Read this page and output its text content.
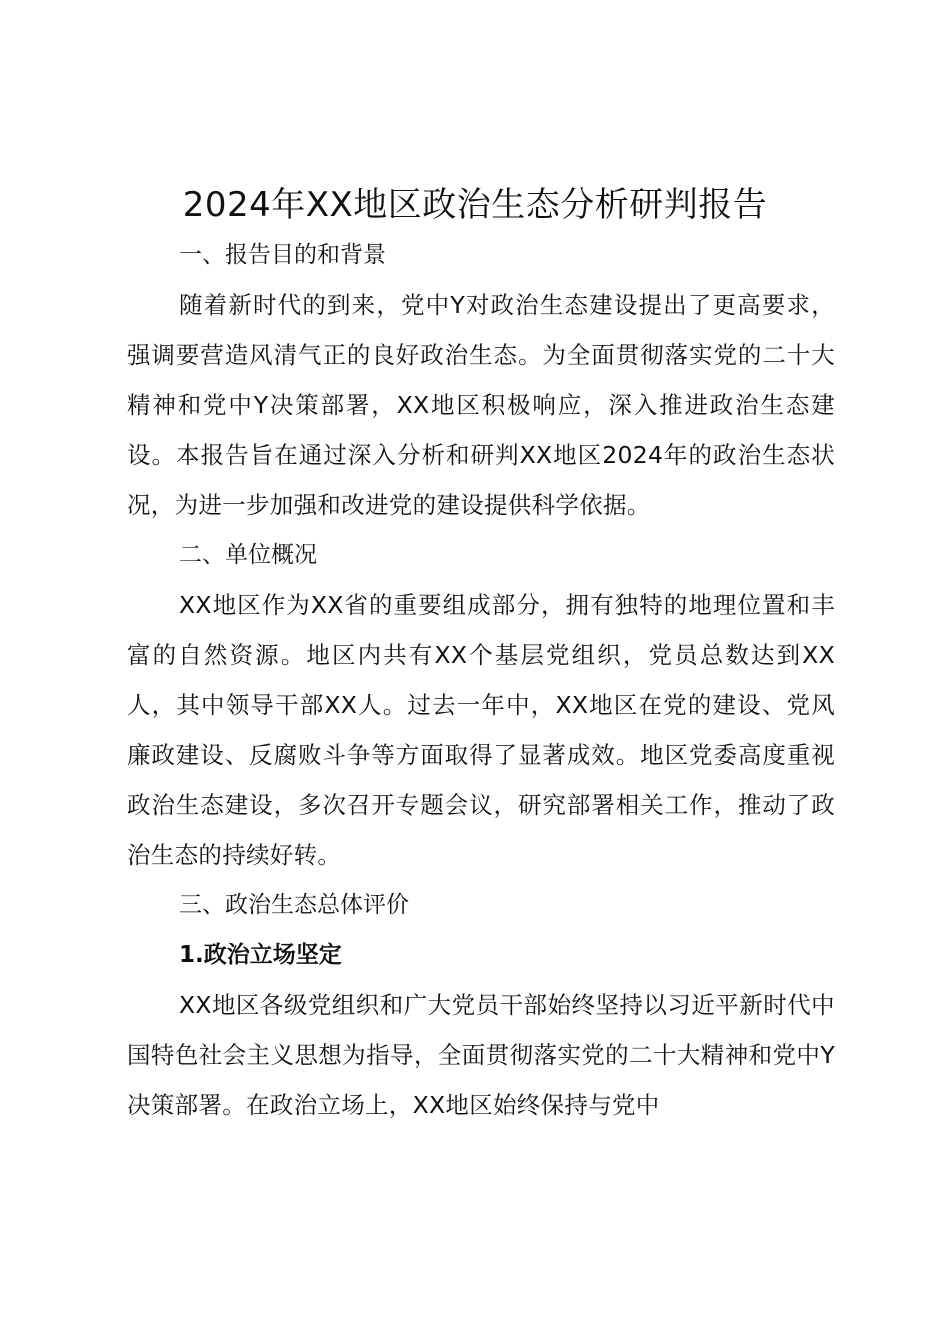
2024年XX地区政治生态分析研判报告

一、报告目的和背景

随着新时代的到来，党中Y对政治生态建设提出了更高要求，强调要营造风清气正的良好政治生态。为全面贯彻落实党的二十大精神和党中Y决策部署，XX地区积极响应，深入推进政治生态建设。本报告旨在通过深入分析和研判XX地区2024年的政治生态状况，为进一步加强和改进党的建设提供科学依据。

二、单位概况

XX地区作为XX省的重要组成部分，拥有独特的地理位置和丰富的自然资源。地区内共有XX个基层党组织，党员总数达到XX人，其中领导干部XX人。过去一年中，XX地区在党的建设、党风廉政建设、反腐败斗争等方面取得了显著成效。地区党委高度重视政治生态建设，多次召开专题会议，研究部署相关工作，推动了政治生态的持续好转。

三、政治生态总体评价

1.政治立场坚定

XX地区各级党组织和广大党员干部始终坚持以习近平新时代中国特色社会主义思想为指导，全面贯彻落实党的二十大精神和党中Y决策部署。在政治立场上，XX地区始终保持与党中
